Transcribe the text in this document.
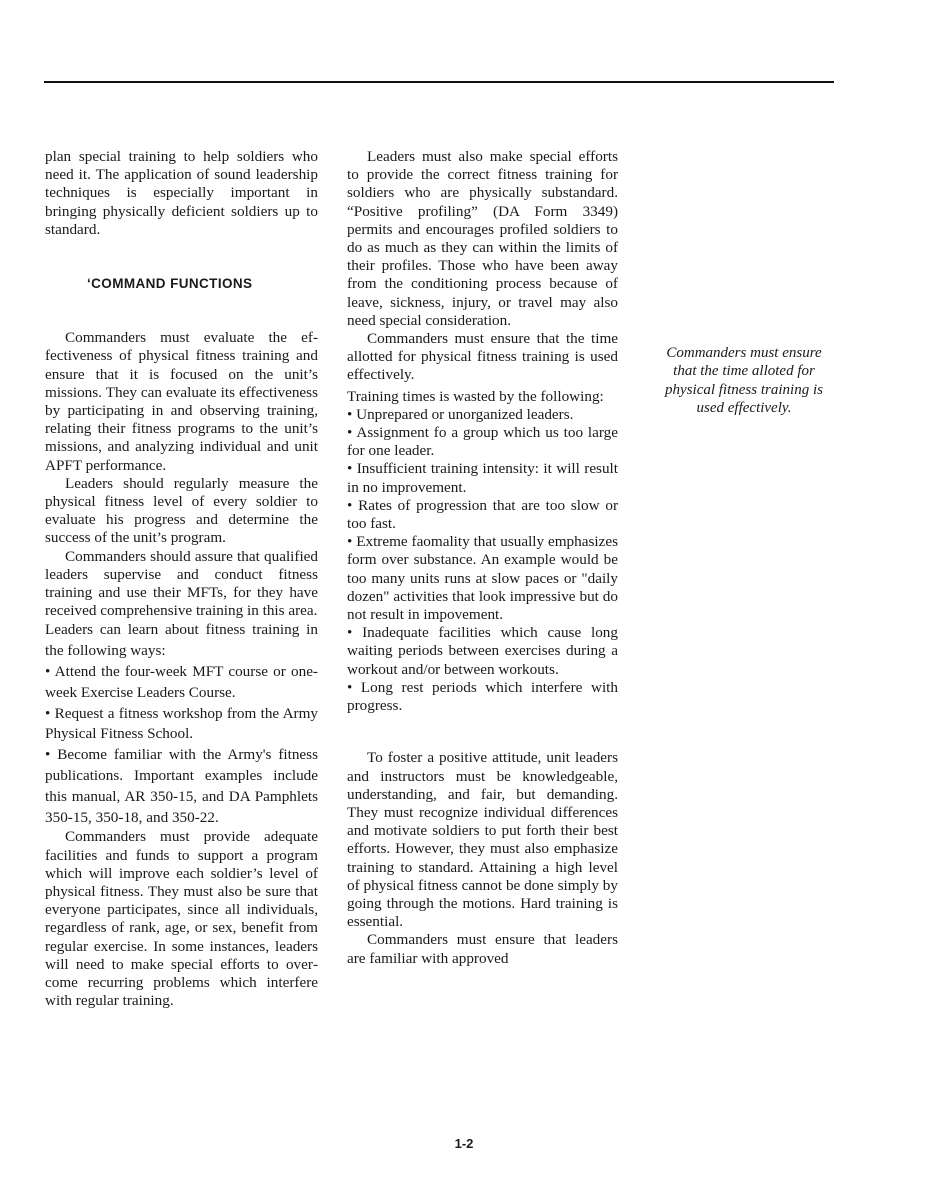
plan special training to help soldiers who need it. The application of sound leadership techniques is especially important in bringing physically deficient soldiers up to standard.

‘COMMAND FUNCTIONS

Commanders must evaluate the effectiveness of physical fitness training and ensure that it is focused on the unit’s missions. They can evaluate its effectiveness by participating in and observing training, relating their fitness programs to the unit’s missions, and analyzing individual and unit APFT performance.

Leaders should regularly measure the physical fitness level of every soldier to evaluate his progress and determine the success of the unit’s program.

Commanders should assure that qualified leaders supervise and conduct fitness training and use their MFTs, for they have received comprehensive training in this area.

Leaders can learn about fitness training in the following ways:

• Attend the four-week MFT course or one-week Exercise Leaders Course.

• Request a fitness workshop from the Army Physical Fitness School.

• Become familiar with the Army's fitness publications. Important examples include this manual, AR 350-15, and DA Pamphlets 350-15, 350-18, and 350-22.

Commanders must provide adequate facilities and funds to support a program which will improve each soldier’s level of physical fitness. They must also be sure that everyone participates, since all individuals, regardless of rank, age, or sex, benefit from regular exercise. In some instances, leaders will need to make special efforts to overcome recurring problems which interfere with regular training.

Leaders must also make special efforts to provide the correct fitness training for soldiers who are physically substandard. “Positive profiling” (DA Form 3349) permits and encourages profiled soldiers to do as much as they can within the limits of their profiles. Those who have been away from the conditioning process because of leave, sickness, injury, or travel may also need special consideration.

Commanders must ensure that the time allotted for physical fitness training is used effectively.

Training times is wasted by the following:

• Unprepared or unorganized leaders.

• Assignment fo a group which us too large for one leader.

• Insufficient training intensity: it will result in no improvement.

• Rates of progression that are too slow or too fast.

• Extreme faomality that usually emphasizes form over substance. An example would be too many units runs at slow paces or "daily dozen" activities that look impressive but do not result in impovement.

• Inadequate facilities which cause long waiting periods between exercises during a workout and/or between workouts.

• Long rest periods which interfere with progress.

To foster a positive attitude, unit leaders and instructors must be knowledgeable, understanding, and fair, but demanding. They must recognize individual differences and motivate soldiers to put forth their best efforts. However, they must also emphasize training to standard. Attaining a high level of physical fitness cannot be done simply by going through the motions. Hard training is essential.

Commanders must ensure that leaders are familiar with approved

Commanders must ensure that the time alloted for physical fitness training is used effectively.
1-2
